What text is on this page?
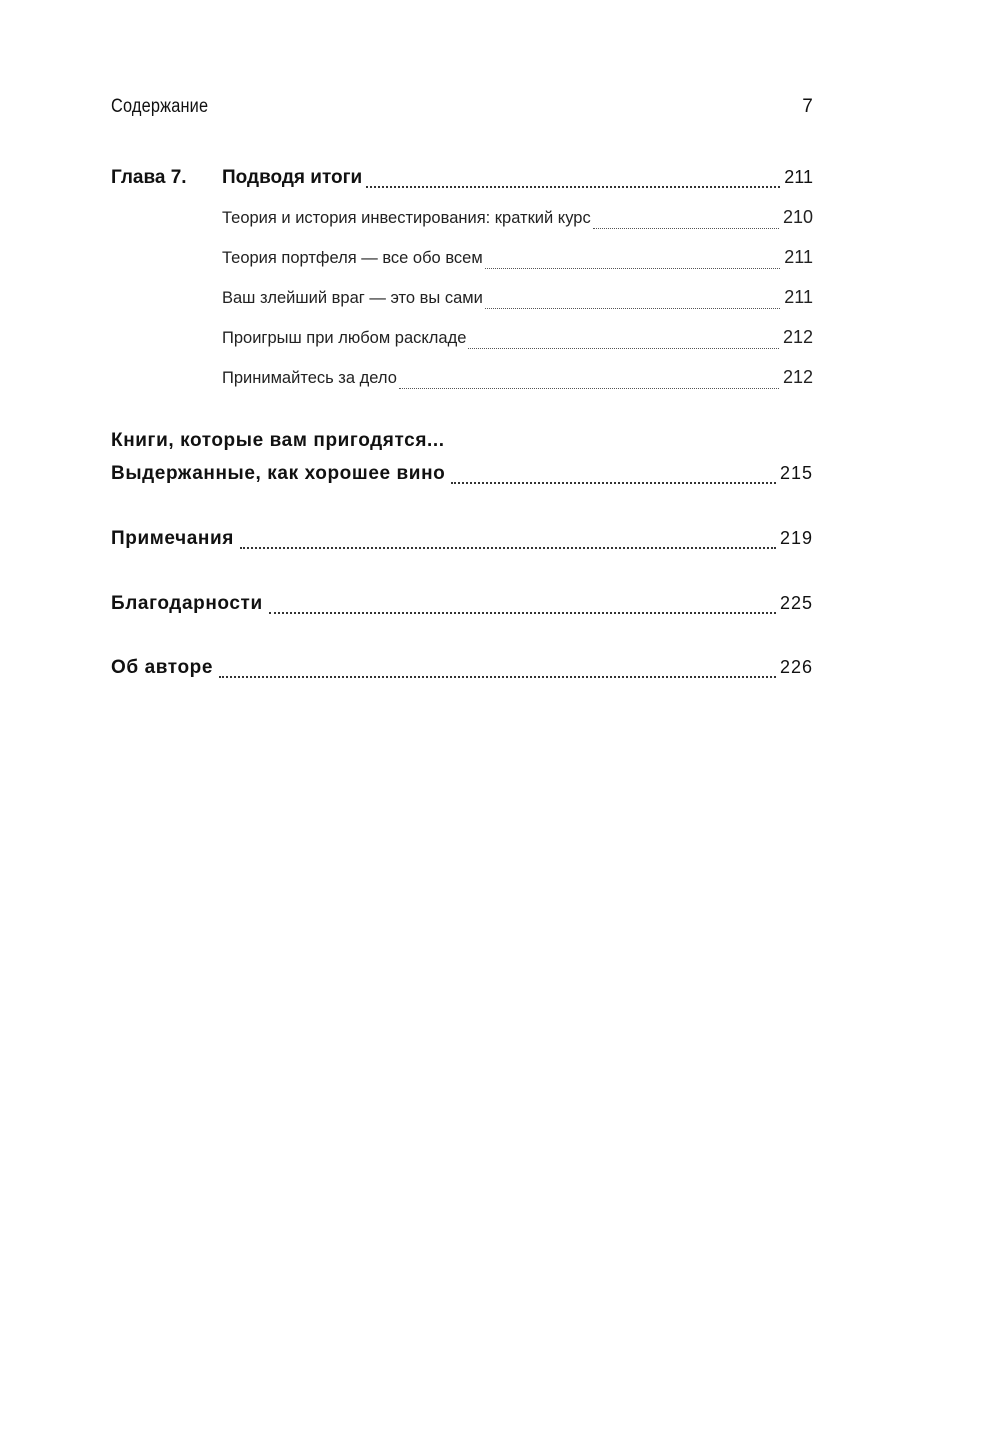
Содержание	7
Глава 7.	Подводя итоги	211
Теория и история инвестирования: краткий курс	210
Теория портфеля — все обо всем	211
Ваш злейший враг — это вы сами	211
Проигрыш при любом раскладе	212
Принимайтесь за дело	212
Книги, которые вам пригодятся...
Выдержанные, как хорошее вино	215
Примечания	219
Благодарности	225
Об авторе	226
